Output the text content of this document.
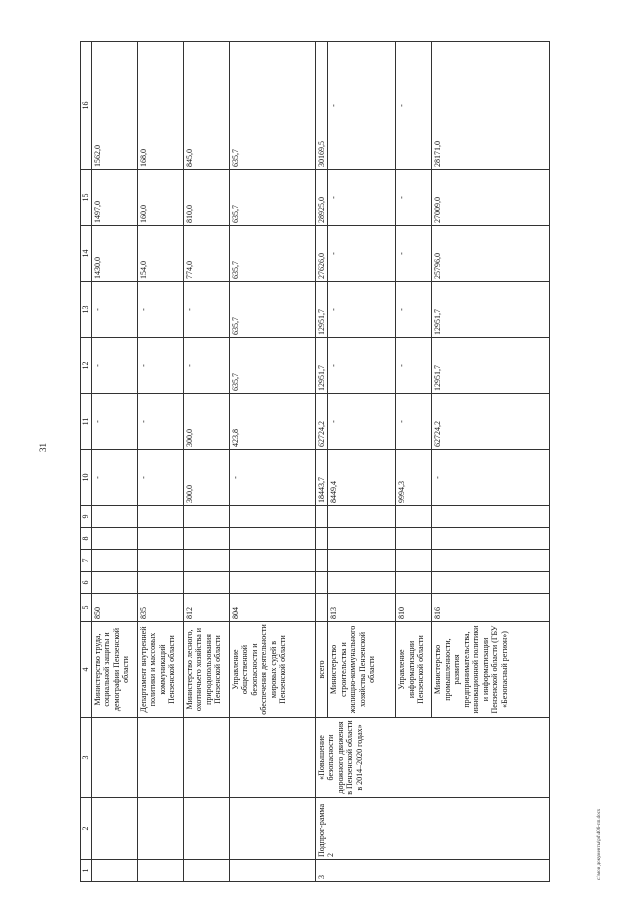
31
1	2	3	4	5	6	7	8	9	10	11	12	13	14	15	16
			Министерство труда, социальной защиты и демографии Пензенской области	850					-	-	-	-	1430,0	1497,0	1562,0
			Департамент внутренней политики и массовых коммуникаций Пензенской области	835					-	-	-	-	154,0	160,0	168,0
			Министерство лесного, охотничьего хозяйства и природопользования Пензенской области	812					300,0	300,0	-	-	774,0	810,0	845,0
			Управление общественной безопасности и обеспечения деятельности мировых судей в Пензенской области	804					-	423,8	635,7	635,7	635,7	635,7	635,7
3	Подпрог-рамма 2	«Повышение безопасности дорожного движения в Пензенской области в 2014–2020 годах»	всего						18443,7	62724,2	12951,7	12951,7	27626,0	28925,0	30169,5
			Министерство строительства и жилищно-коммунального хозяйства Пензенской области	813					8449,4	-	-	-	-	-	-
			Управление информатизации Пензенской области	810					9994,3	-	-	-	-	-	-
			Министерство промышленности, развития предпринимательства, инновационной политики и информатизации Пензенской области (ГБУ «Безопасный регион»)	816					-	62724,2	12951,7	12951,7	25796,0	27009,0	28171,0
c:\мои документы\pd\406-пп.docx
